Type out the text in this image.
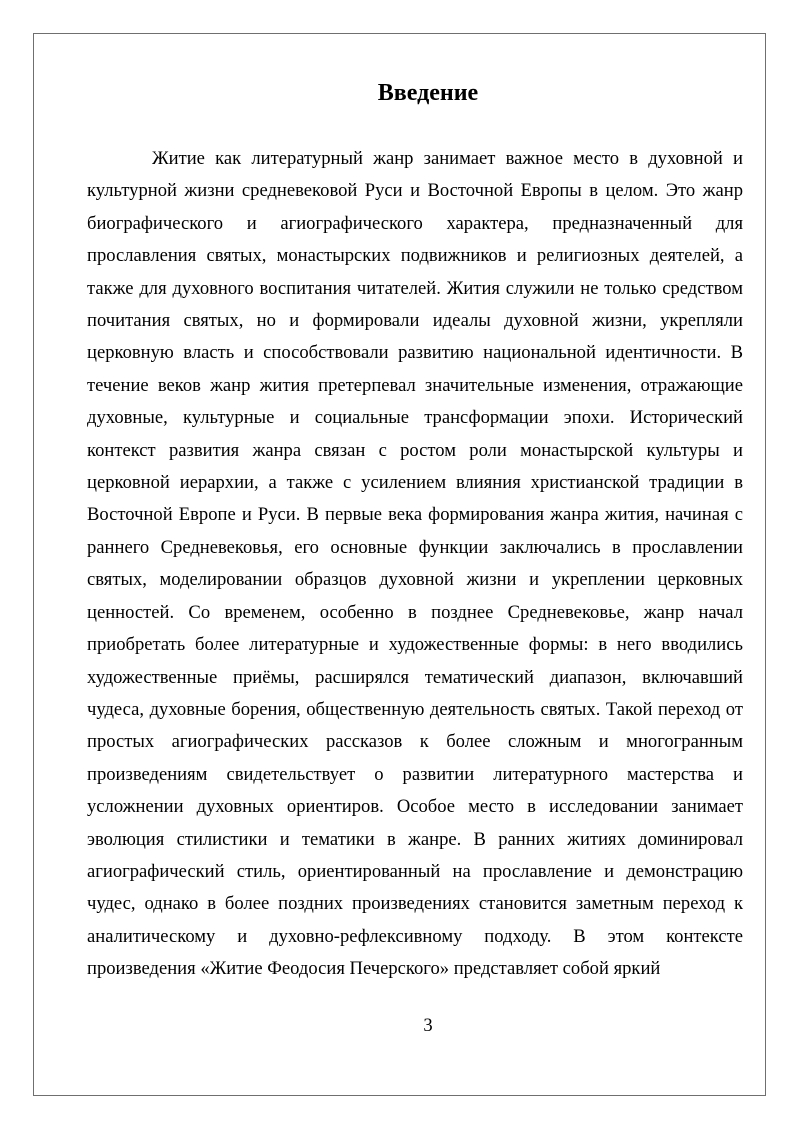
Введение

Житие как литературный жанр занимает важное место в духовной и культурной жизни средневековой Руси и Восточной Европы в целом. Это жанр биографического и агиографического характера, предназначенный для прославления святых, монастырских подвижников и религиозных деятелей, а также для духовного воспитания читателей. Жития служили не только средством почитания святых, но и формировали идеалы духовной жизни, укрепляли церковную власть и способствовали развитию национальной идентичности. В течение веков жанр жития претерпевал значительные изменения, отражающие духовные, культурные и социальные трансформации эпохи. Исторический контекст развития жанра связан с ростом роли монастырской культуры и церковной иерархии, а также с усилением влияния христианской традиции в Восточной Европе и Руси. В первые века формирования жанра жития, начиная с раннего Средневековья, его основные функции заключались в прославлении святых, моделировании образцов духовной жизни и укреплении церковных ценностей. Со временем, особенно в позднее Средневековье, жанр начал приобретать более литературные и художественные формы: в него вводились художественные приёмы, расширялся тематический диапазон, включавший чудеса, духовные борения, общественную деятельность святых. Такой переход от простых агиографических рассказов к более сложным и многогранным произведениям свидетельствует о развитии литературного мастерства и усложнении духовных ориентиров. Особое место в исследовании занимает эволюция стилистики и тематики в жанре. В ранних житиях доминировал агиографический стиль, ориентированный на прославление и демонстрацию чудес, однако в более поздних произведениях становится заметным переход к аналитическому и духовно-рефлексивному подходу. В этом контексте произведения «Житие Феодосия Печерского» представляет собой яркий

3
